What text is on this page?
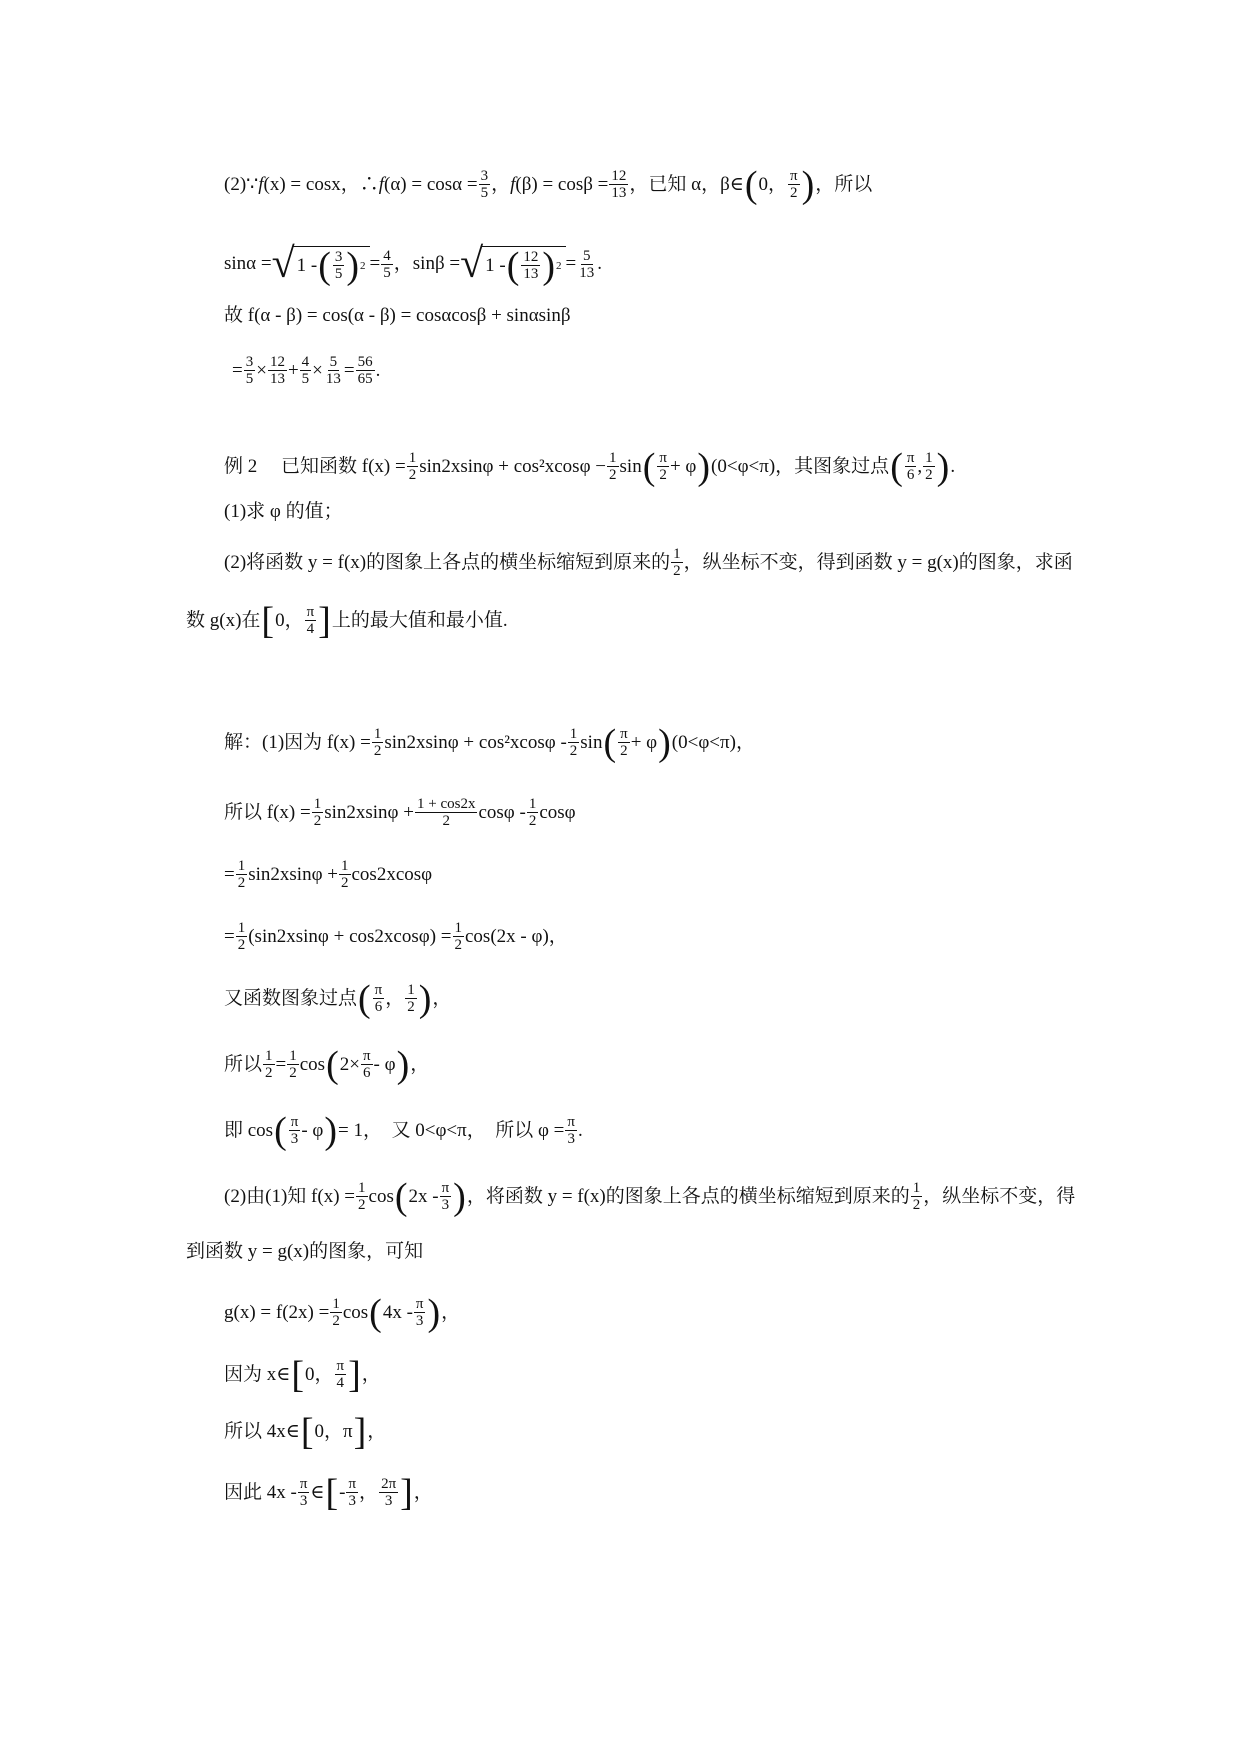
(2)∵ f (x) = cosx，∴ f $(\alpha) = \cos\alpha = \frac{3}{5}$ ， f $(\beta) = \cos\beta = \frac{12}{13}$ ，已知 α，β∈ ( 0， $\frac{\pi}{2}$ ) ，所以
sinα = √ 1 - ( $\frac{3}{5}$ ) $2 = \frac{4}{5}$ ，sinβ = √ 1 - ( $\frac{12}{13}$ ) $2 = \frac{5}{13}$ .
故 f(α - β) = cos(α - β) = cosαcosβ + sinαsinβ
= $\frac{3}{5} \times \frac{12}{13} + \frac{4}{5} \times \frac{5}{13} = \frac{56}{65}$ .
例 2　 已知函数 $f(x) = \frac{1}{2} \sin 2xsin\varphi + \cos^2xcos\varphi - \frac{1}{2}$ sin ( $\frac{\pi}{2} + \varphi$ ) (0<φ<π)，其图象过点 ( $\frac{\pi}{6}$ , $\frac{1}{2}$ ) .
(1)求 φ 的值；
(2)将函数 y = f(x)的图象上各点的横坐标缩短到原来的 $\frac{1}{2}$ ，纵坐标不变，得到函数 y = g(x)的图象，求函
数 g(x)在 [ 0， $\frac{\pi}{4}$ ] 上的最大值和最小值.
解：(1)因为 $f(x) = \frac{1}{2} \sin 2xsin\varphi + \cos^2xcos\varphi - \frac{1}{2}$ sin ( $\frac{\pi}{2} + \varphi$ ) (0<φ<π)，
所以 $f(x) = \frac{1}{2} \sin 2xsin\varphi + \frac{1 + \cos 2x}{2}$ cosφ - $\frac{1}{2}$ cosφ
= $\frac{1}{2} \sin 2xsin\varphi + \frac{1}{2} \cos 2xcos\varphi$
= $\frac{1}{2} (\sin 2xsin\varphi + \cos 2xcos\varphi) = \frac{1}{2} \cos(2x - \varphi)$，
又函数图象过点 ( $\frac{\pi}{6}$ ， $\frac{1}{2}$ ) ，
所以 $\frac{1}{2} = \frac{1}{2}$ cos ( $2\times \frac{\pi}{6} - \varphi$ ) ，
即 cos ( $\frac{\pi}{3}$ - φ ) = 1，　又 0<φ<π，　所以 $\varphi = \frac{\pi}{3}$ .
(2)由(1)知 $f(x) = \frac{1}{2}$ cos ( $2x - \frac{\pi}{3}$ ) ，将函数 y = f(x)的图象上各点的横坐标缩短到原来的 $\frac{1}{2}$ ，纵坐标不变，得
到函数 y = g(x)的图象，可知
$g(x) = f(2x) = \frac{1}{2}$ cos ( $4x - \frac{\pi}{3}$ ) ，
因为 x∈ [ 0， $\frac{\pi}{4}$ ] ，
所以 4x∈ [ 0，π ] ，
因此 $4x - \frac{\pi}{3}$ ∈ [ - $\frac{\pi}{3}$ ， $\frac{2\pi}{3}$ ] ，
